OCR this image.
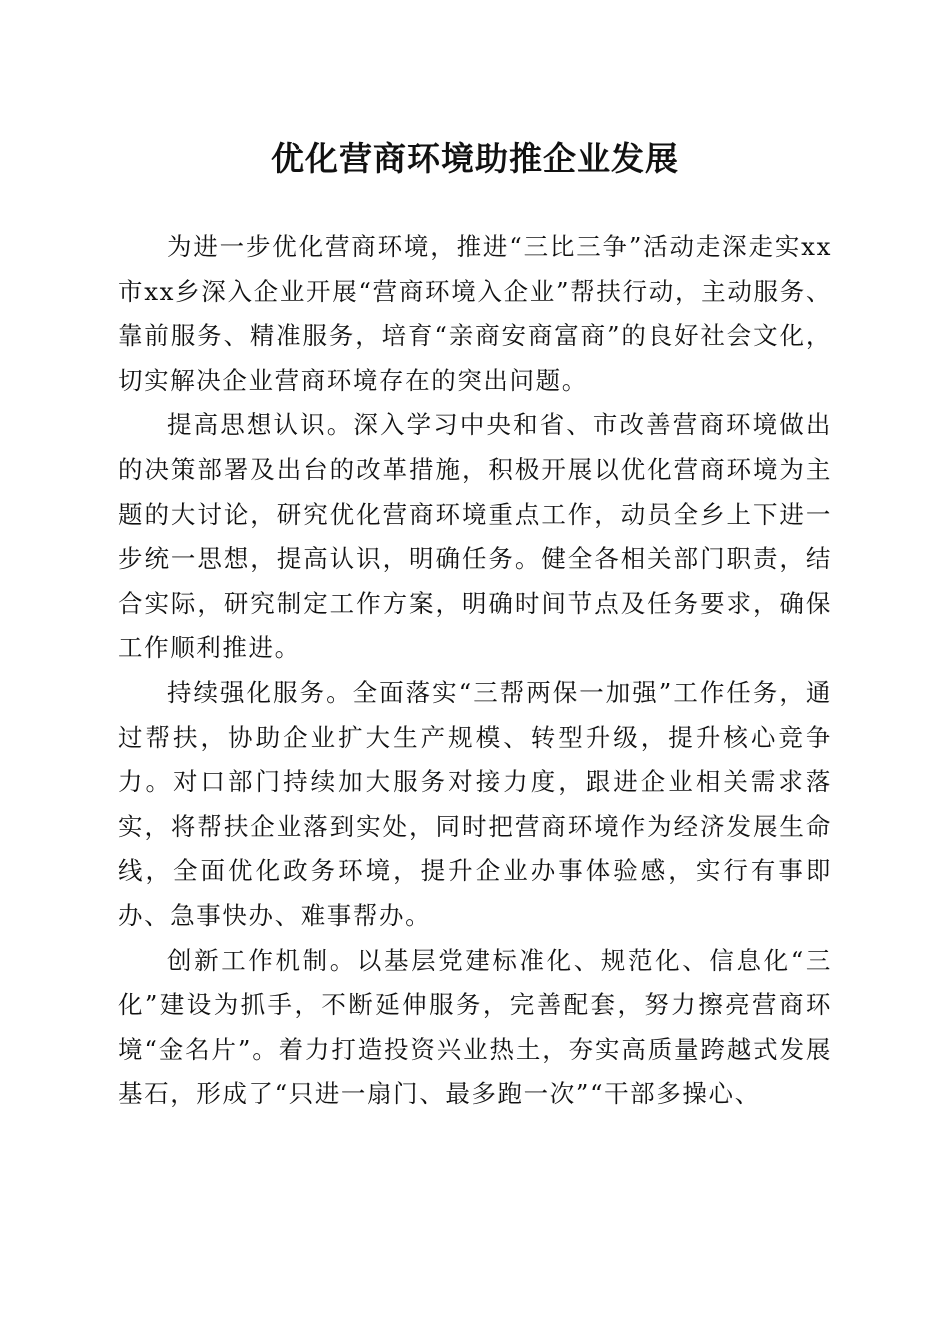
优化营商环境助推企业发展

为进一步优化营商环境，推进“三比三争”活动走深走实xx市xx乡深入企业开展“营商环境入企业”帮扶行动，主动服务、靠前服务、精准服务，培育“亲商安商富商”的良好社会文化，切实解决企业营商环境存在的突出问题。

提高思想认识。深入学习中央和省、市改善营商环境做出的决策部署及出台的改革措施，积极开展以优化营商环境为主题的大讨论，研究优化营商环境重点工作，动员全乡上下进一步统一思想，提高认识，明确任务。健全各相关部门职责，结合实际，研究制定工作方案，明确时间节点及任务要求，确保工作顺利推进。

持续强化服务。全面落实“三帮两保一加强”工作任务，通过帮扶，协助企业扩大生产规模、转型升级，提升核心竞争力。对口部门持续加大服务对接力度，跟进企业相关需求落实，将帮扶企业落到实处，同时把营商环境作为经济发展生命线，全面优化政务环境，提升企业办事体验感，实行有事即办、急事快办、难事帮办。

创新工作机制。以基层党建标准化、规范化、信息化“三化”建设为抓手，不断延伸服务，完善配套，努力擦亮营商环境“金名片”。着力打造投资兴业热土，夯实高质量跨越式发展基石，形成了“只进一扇门、最多跑一次”“干部多操心、
